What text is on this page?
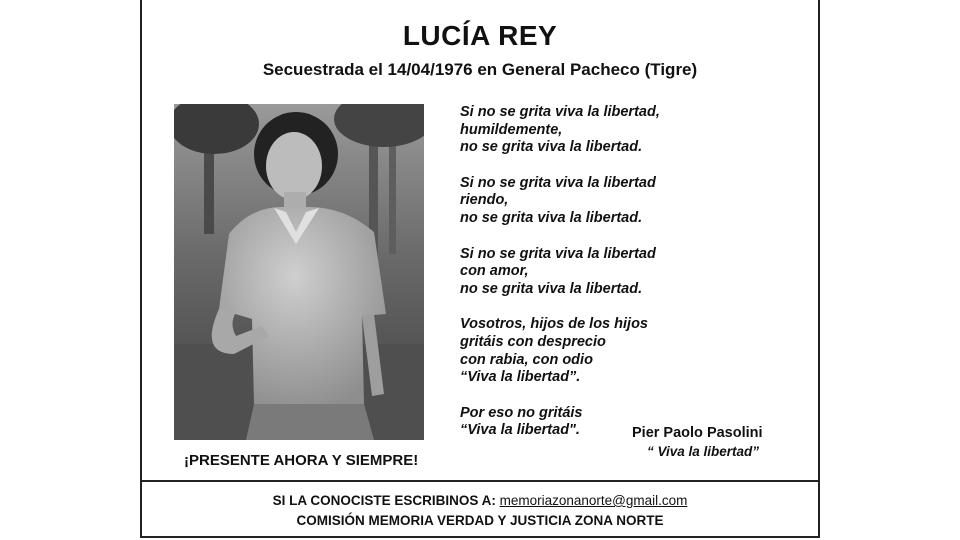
LUCÍA REY
Secuestrada el 14/04/1976 en General Pacheco (Tigre)
¡PRESENTE AHORA Y SIEMPRE!
Si no se grita viva la libertad,
humildemente,
no se grita viva la libertad.
Si no se grita viva la libertad
riendo,
no se grita viva la libertad.
Si no se grita viva la libertad
con amor,
no se grita viva la libertad.
Vosotros, hijos de los hijos
gritáis con desprecio
con rabia, con odio
“Viva la libertad”.
Por eso no gritáis
“Viva la libertad".	Pier Paolo Pasolini
“ Viva la libertad”
SI LA CONOCISTE ESCRIBINOS A: memoriazonanorte@gmail.com
COMISIÓN MEMORIA VERDAD Y JUSTICIA ZONA NORTE
